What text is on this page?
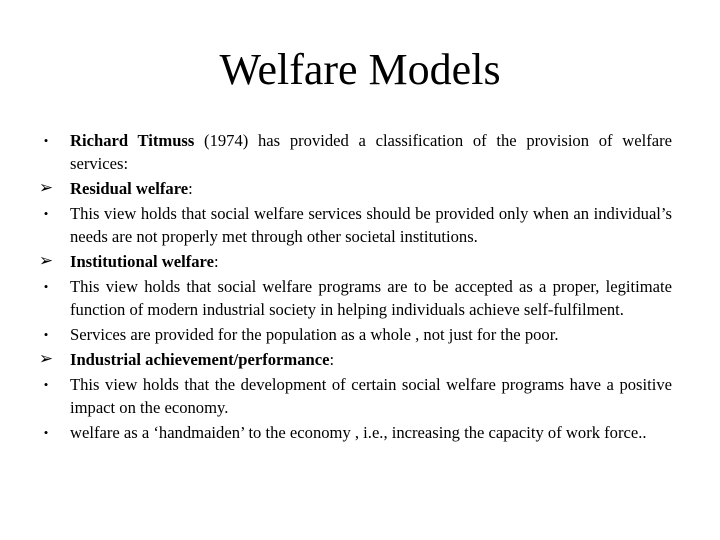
Welfare Models
•	Richard Titmuss (1974) has provided a classification of the provision of welfare services:
➢ Residual welfare:
•	This view holds that social welfare services should be provided only when an individual’s needs are not properly met through other societal institutions.
➢ Institutional welfare:
•	This view holds that social welfare programs are to be accepted as a proper, legitimate function of modern industrial society in helping individuals achieve self-fulfilment.
•	Services are provided for the population as a whole , not just for the poor.
➢ Industrial achievement/performance:
•	This view holds that the development of certain social welfare programs have a positive impact on the economy.
•	welfare as a ‘handmaiden’ to the economy , i.e., increasing the capacity of work force..
